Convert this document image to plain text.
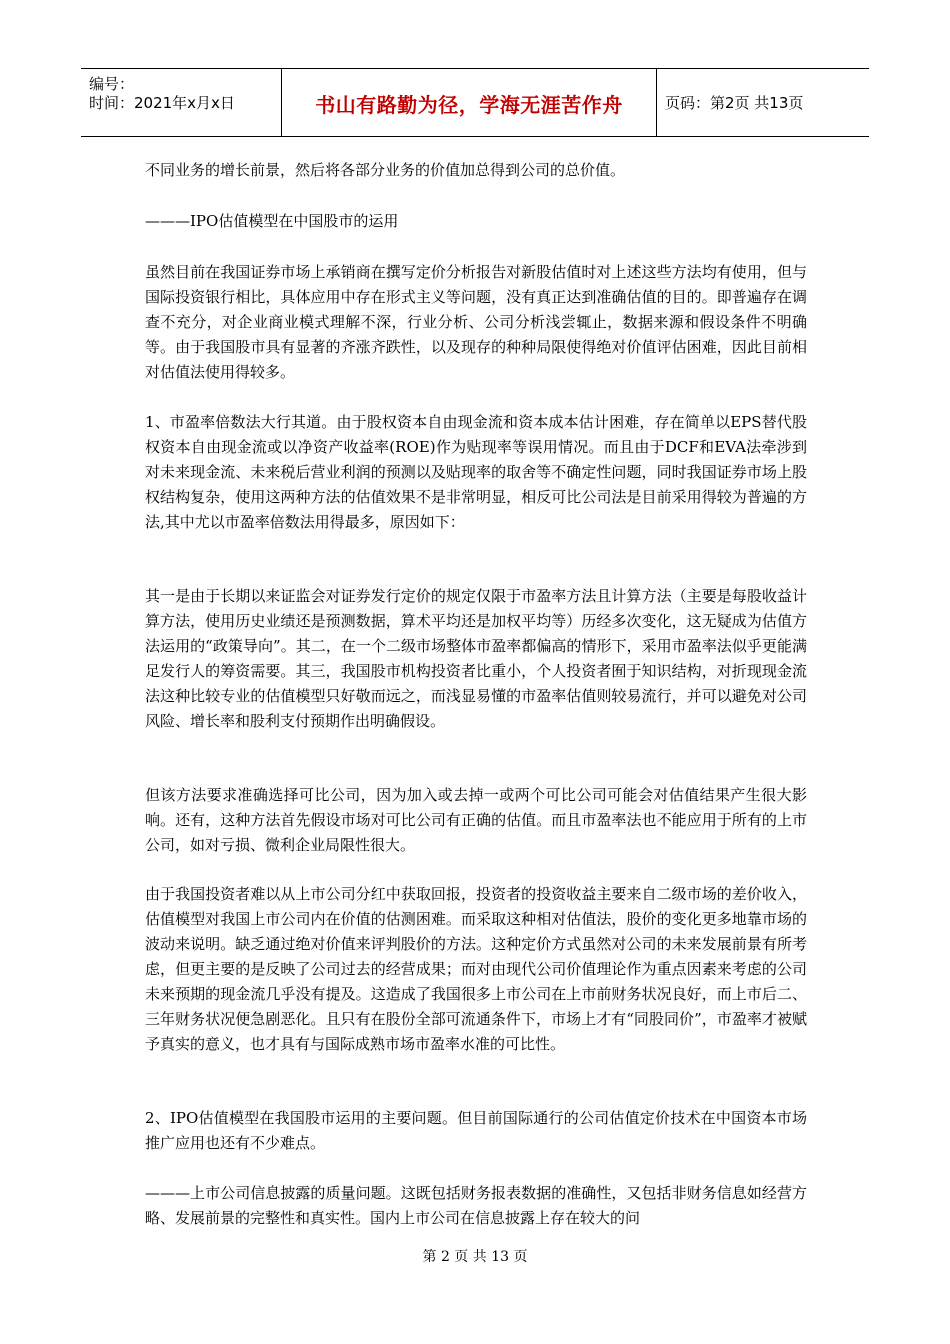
编号：
时间：2021年x月x日	书山有路勤为径，学海无涯苦作舟	页码：第2页 共13页

不同业务的增长前景，然后将各部分业务的价值加总得到公司的总价值。

———IPO估值模型在中国股市的运用

虽然目前在我国证券市场上承销商在撰写定价分析报告对新股估值时对上述这些方法均有使用，但与国际投资银行相比，具体应用中存在形式主义等问题，没有真正达到准确估值的目的。即普遍存在调查不充分，对企业商业模式理解不深，行业分析、公司分析浅尝辄止，数据来源和假设条件不明确等。由于我国股市具有显著的齐涨齐跌性，以及现存的种种局限使得绝对价值评估困难，因此目前相对估值法使用得较多。

1、市盈率倍数法大行其道。由于股权资本自由现金流和资本成本估计困难，存在简单以EPS替代股权资本自由现金流或以净资产收益率(ROE)作为贴现率等误用情况。而且由于DCF和EVA法牵涉到对未来现金流、未来税后营业利润的预测以及贴现率的取舍等不确定性问题，同时我国证券市场上股权结构复杂，使用这两种方法的估值效果不是非常明显，相反可比公司法是目前采用得较为普遍的方法,其中尤以市盈率倍数法用得最多，原因如下：

其一是由于长期以来证监会对证券发行定价的规定仅限于市盈率方法且计算方法（主要是每股收益计算方法，使用历史业绩还是预测数据，算术平均还是加权平均等）历经多次变化，这无疑成为估值方法运用的“政策导向”。其二，在一个二级市场整体市盈率都偏高的情形下，采用市盈率法似乎更能满足发行人的筹资需要。其三，我国股市机构投资者比重小，个人投资者囿于知识结构，对折现现金流法这种比较专业的估值模型只好敬而远之，而浅显易懂的市盈率估值则较易流行，并可以避免对公司风险、增长率和股利支付预期作出明确假设。

但该方法要求准确选择可比公司，因为加入或去掉一或两个可比公司可能会对估值结果产生很大影响。还有，这种方法首先假设市场对可比公司有正确的估值。而且市盈率法也不能应用于所有的上市公司，如对亏损、微利企业局限性很大。

由于我国投资者难以从上市公司分红中获取回报，投资者的投资收益主要来自二级市场的差价收入，估值模型对我国上市公司内在价值的估测困难。而采取这种相对估值法，股价的变化更多地靠市场的波动来说明。缺乏通过绝对价值来评判股价的方法。这种定价方式虽然对公司的未来发展前景有所考虑，但更主要的是反映了公司过去的经营成果；而对由现代公司价值理论作为重点因素来考虑的公司未来预期的现金流几乎没有提及。这造成了我国很多上市公司在上市前财务状况良好，而上市后二、三年财务状况便急剧恶化。且只有在股份全部可流通条件下，市场上才有“同股同价”，市盈率才被赋予真实的意义，也才具有与国际成熟市场市盈率水准的可比性。

2、IPO估值模型在我国股市运用的主要问题。但目前国际通行的公司估值定价技术在中国资本市场推广应用也还有不少难点。

———上市公司信息披露的质量问题。这既包括财务报表数据的准确性，又包括非财务信息如经营方略、发展前景的完整性和真实性。国内上市公司在信息披露上存在较大的问

第 2 页 共 13 页
